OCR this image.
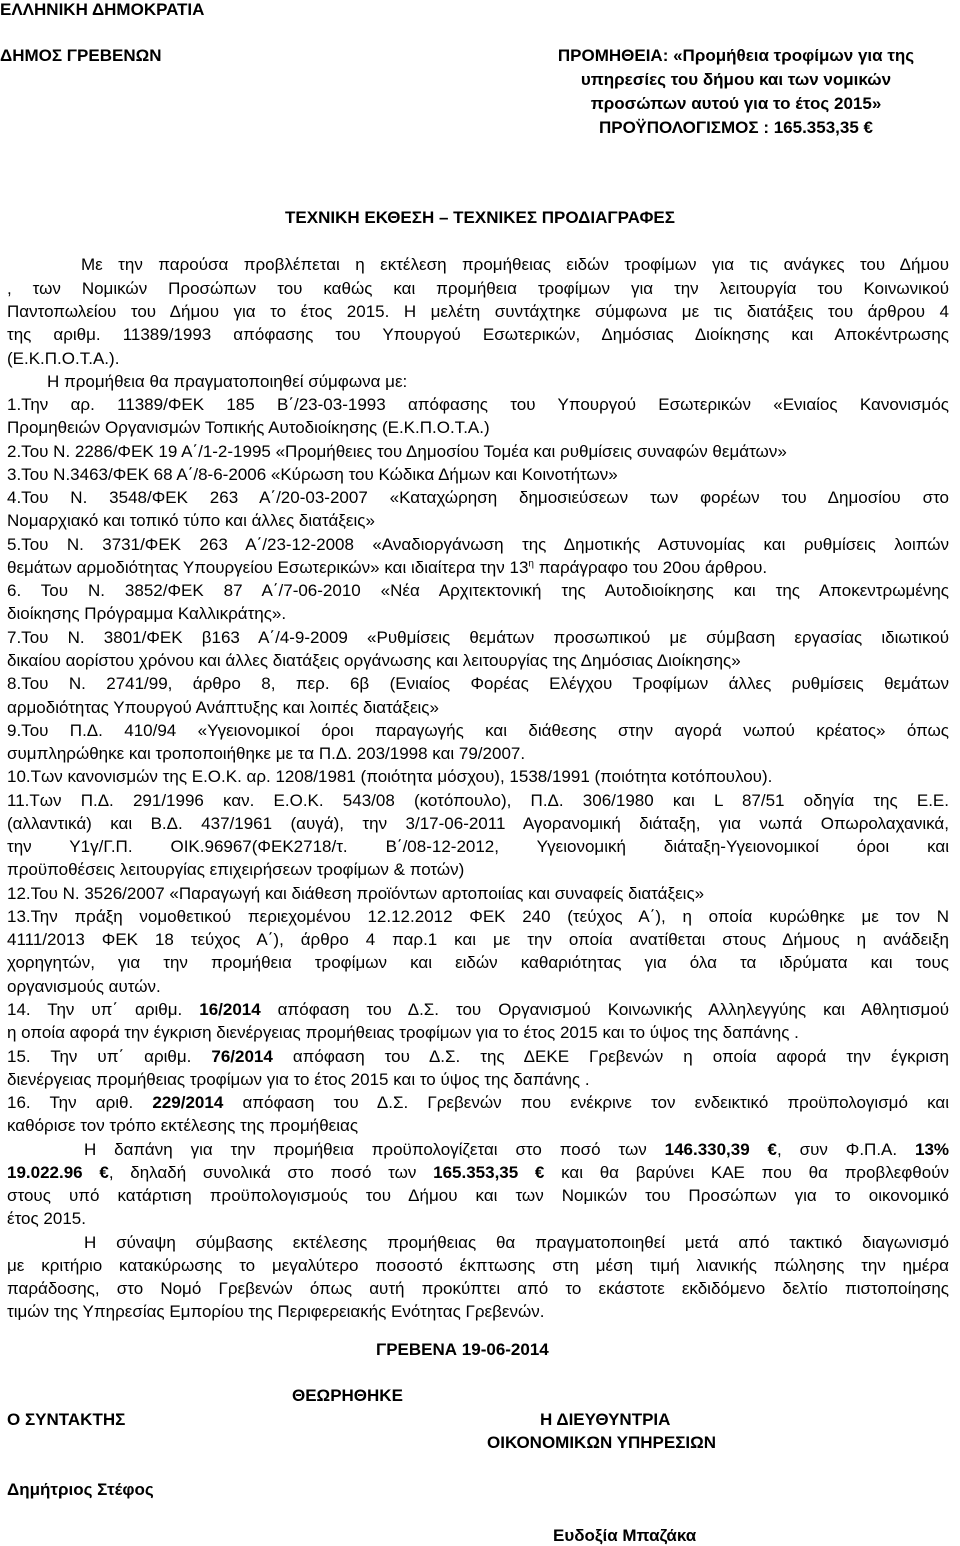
ΕΛΛΗΝΙΚΗ ΔΗΜΟΚΡΑΤΙΑ
ΔΗΜΟΣ ΓΡΕΒΕΝΩΝ	ΠΡΟΜΗΘΕΙΑ: «Προμήθεια τροφίμων για της
υπηρεσίες του δήμου και των νομικών
προσώπων αυτού για το έτος 2015»
ΠΡΟΫΠΟΛΟΓΙΣΜΟΣ : 165.353,35 €
ΤΕΧΝΙΚΗ ΕΚΘΕΣΗ – ΤΕΧΝΙΚΕΣ ΠΡΟΔΙΑΓΡΑΦΕΣ
Με την παρούσα προβλέπεται η εκτέλεση προμήθειας ειδών τροφίμων για τις ανάγκες του Δήμου
, των Νομικών Προσώπων του καθώς και προμήθεια τροφίμων για την λειτουργία του Κοινωνικού
Παντοπωλείου του Δήμου για το έτος 2015. Η μελέτη συντάχτηκε σύμφωνα με τις διατάξεις του άρθρου 4
της αριθμ. 11389/1993 απόφασης του Υπουργού Εσωτερικών, Δημόσιας Διοίκησης και Αποκέντρωσης
(Ε.Κ.Π.Ο.Τ.Α.).
Η προμήθεια θα πραγματοποιηθεί σύμφωνα με:
1.Την αρ. 11389/ΦΕΚ 185 Β΄/23-03-1993 απόφασης του Υπουργού Εσωτερικών «Ενιαίος Κανονισμός
Προμηθειών Οργανισμών Τοπικής Αυτοδιοίκησης (Ε.Κ.Π.Ο.Τ.Α.)
2.Του Ν. 2286/ΦΕΚ 19 Α΄/1-2-1995 «Προμήθειες του Δημοσίου Τομέα και ρυθμίσεις συναφών θεμάτων»
3.Του Ν.3463/ΦΕΚ 68 Α΄/8-6-2006 «Κύρωση του Κώδικα Δήμων και Κοινοτήτων»
4.Του Ν. 3548/ΦΕΚ 263 Α΄/20-03-2007 «Καταχώρηση δημοσιεύσεων των φορέων του Δημοσίου στο
Νομαρχιακό και τοπικό τύπο και άλλες διατάξεις»
5.Του Ν. 3731/ΦΕΚ 263 Α΄/23-12-2008 «Αναδιοργάνωση της Δημοτικής Αστυνομίας και ρυθμίσεις λοιπών
θεμάτων αρμοδιότητας Υπουργείου Εσωτερικών» και ιδιαίτερα την $13^\eta$ παράγραφο του 20ου άρθρου.
6. Του Ν. 3852/ΦΕΚ 87 Α΄/7-06-2010 «Νέα Αρχιτεκτονική της Αυτοδιοίκησης και της Αποκεντρωμένης
διοίκησης Πρόγραμμα Καλλικράτης».
7.Του Ν. 3801/ΦΕΚ β163 Α΄/4-9-2009 «Ρυθμίσεις θεμάτων προσωπικού με σύμβαση εργασίας ιδιωτικού
δικαίου αορίστου χρόνου και άλλες διατάξεις οργάνωσης και λειτουργίας της Δημόσιας Διοίκησης»
8.Του Ν. 2741/99, άρθρο 8, περ. 6β (Ενιαίος Φορέας Ελέγχου Τροφίμων άλλες ρυθμίσεις θεμάτων
αρμοδιότητας Υπουργού Ανάπτυξης και λοιπές διατάξεις»
9.Του Π.Δ. 410/94 «Υγειονομικοί όροι παραγωγής και διάθεσης στην αγορά νωπού κρέατος» όπως
συμπληρώθηκε και τροποποιήθηκε με τα Π.Δ. 203/1998 και 79/2007.
10.Των κανονισμών της Ε.Ο.Κ. αρ. 1208/1981 (ποιότητα μόσχου), 1538/1991 (ποιότητα κοτόπουλου).
11.Των Π.Δ. 291/1996 καν. Ε.Ο.Κ. 543/08 (κοτόπουλο), Π.Δ. 306/1980 και L 87/51 οδηγία της Ε.Ε.
(αλλαντικά) και Β.Δ. 437/1961 (αυγά), την 3/17-06-2011 Αγορανομική διάταξη, για νωπά Οπωρολαχανικά,
την Υ1γ/Γ.Π. ΟΙΚ.96967(ΦΕΚ2718/τ. Β΄/08-12-2012, Υγειονομική διάταξη-Υγειονομικοί όροι και
προϋποθέσεις λειτουργίας επιχειρήσεων τροφίμων & ποτών)
12.Του Ν. 3526/2007 «Παραγωγή και διάθεση προϊόντων αρτοποιίας και συναφείς διατάξεις»
13.Την πράξη νομοθετικού περιεχομένου 12.12.2012 ΦΕΚ 240 (τεύχος Α΄), η οποία κυρώθηκε με τον Ν
4111/2013 ΦΕΚ 18 τεύχος Α΄), άρθρο 4 παρ.1 και με την οποία ανατίθεται στους Δήμους η ανάδειξη
χορηγητών, για την προμήθεια τροφίμων και ειδών καθαριότητας για όλα τα ιδρύματα και τους
οργανισμούς αυτών.
14. Την υπ΄ αριθμ. 16/2014 απόφαση του Δ.Σ. του Οργανισμού Κοινωνικής Αλληλεγγύης και Αθλητισμού
η οποία αφορά την έγκριση διενέργειας προμήθειας τροφίμων για το έτος 2015 και το ύψος της δαπάνης .
15. Την υπ΄ αριθμ. 76/2014 απόφαση του Δ.Σ. της ΔΕΚΕ Γρεβενών η οποία αφορά την έγκριση
διενέργειας προμήθειας τροφίμων για το έτος 2015 και το ύψος της δαπάνης .
16. Την αριθ. 229/2014 απόφαση του Δ.Σ. Γρεβενών που ενέκρινε τον ενδεικτικό προϋπολογισμό και
καθόρισε τον τρόπο εκτέλεσης της προμήθειας
Η δαπάνη για την προμήθεια προϋπολογίζεται στο ποσό των 146.330,39 €, συν Φ.Π.Α. 13%
19.022.96 €, δηλαδή συνολικά στο ποσό των 165.353,35 € και θα βαρύνει ΚΑΕ που θα προβλεφθούν
στους υπό κατάρτιση προϋπολογισμούς του Δήμου και των Νομικών του Προσώπων για το οικονομικό
έτος 2015.
Η σύναψη σύμβασης εκτέλεσης προμήθειας θα πραγματοποιηθεί μετά από τακτικό διαγωνισμό
με κριτήριο κατακύρωσης το μεγαλύτερο ποσοστό έκπτωσης στη μέση τιμή λιανικής πώλησης την ημέρα
παράδοσης, στο Νομό Γρεβενών όπως αυτή προκύπτει από το εκάστοτε εκδιδόμενο δελτίο πιστοποίησης
τιμών της Υπηρεσίας Εμπορίου της Περιφερειακής Ενότητας Γρεβενών.
ΓΡΕΒΕΝΑ 19-06-2014
ΘΕΩΡΗΘΗΚΕ
Ο ΣΥΝΤΑΚΤΗΣ	Η ΔΙΕΥΘΥΝΤΡΙΑ
ΟΙΚΟΝΟΜΙΚΩΝ ΥΠΗΡΕΣΙΩΝ
Δημήτριος Στέφος
Ευδοξία Μπαζάκα
